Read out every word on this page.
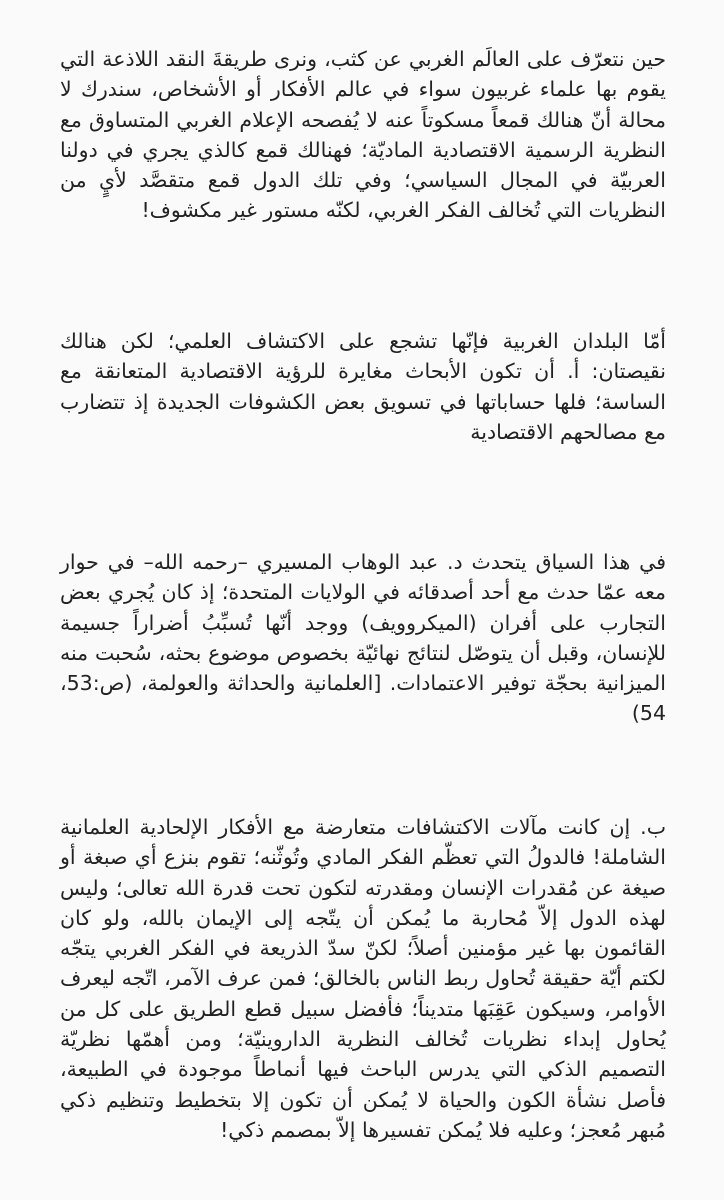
حين نتعرّف على العالَم الغربي عن كثب، ونرى طريقةَ النقد اللاذعة التي يقوم بها علماء غربيون سواء في عالم الأفكار أو الأشخاص، سندرك لا محالة أنّ هنالك قمعاً مسكوتاً عنه لا يُفصحه الإعلام الغربي المتساوق مع النظرية الرسمية الاقتصادية الماديّة؛ فهنالك قمع كالذي يجري في دولنا العربيّة في المجال السياسي؛ وفي تلك الدول قمع متقصَّد لأيٍ من النظريات التي تُخالف الفكر الغربي، لكنّه مستور غير مكشوف!

أمّا البلدان الغربية فإنّها تشجع على الاكتشاف العلمي؛ لكن هنالك نقيصتان: أ. أن تكون الأبحاث مغايرة للرؤية الاقتصادية المتعانقة مع الساسة؛ فلها حساباتها في تسويق بعض الكشوفات الجديدة إذ تتضارب مع مصالحهم الاقتصادية

في هذا السياق يتحدث د. عبد الوهاب المسيري –رحمه الله– في حوار معه عمّا حدث مع أحد أصدقائه في الولايات المتحدة؛ إذ كان يُجري بعض التجارب على أفران (الميكروويف) ووجد أنّها تُسبِّبُ أضراراً جسيمة للإنسان، وقبل أن يتوصّل لنتائج نهائيّة بخصوص موضوع بحثه، سُحبت منه الميزانية بحجّة توفير الاعتمادات. [العلمانية والحداثة والعولمة، (ص:53، 54)

ب. إن كانت مآلات الاكتشافات متعارضة مع الأفكار الإلحادية العلمانية الشاملة! فالدولُ التي تعظّم الفكر المادي وتُوثّنه؛ تقوم بنزع أي صبغة أو صيغة عن مُقدرات الإنسان ومقدرته لتكون تحت قدرة الله تعالى؛ وليس لهذه الدول إلاّ مُحاربة ما يُمكن أن يتّجه إلى الإيمان بالله، ولو كان القائمون بها غير مؤمنين أصلاً؛ لكنّ سدّ الذريعة في الفكر الغربي يتجّه لكتم أيّة حقيقة تُحاول ربط الناس بالخالق؛ فمن عرف الآمر، اتّجه ليعرف الأوامر، وسيكون عَقِبَها متديناً؛ فأفضل سبيل قطع الطريق على كل من يُحاول إبداء نظريات تُخالف النظرية الداروينيّة؛ ومن أهمّها نظريّة التصميم الذكي التي يدرس الباحث فيها أنماطاً موجودة في الطبيعة، فأصل نشأة الكون والحياة لا يُمكن أن تكون إلا بتخطيط وتنظيم ذكي مُبهر مُعجز؛ وعليه فلا يُمكن تفسيرها إلاّ بمصمم ذكي!
